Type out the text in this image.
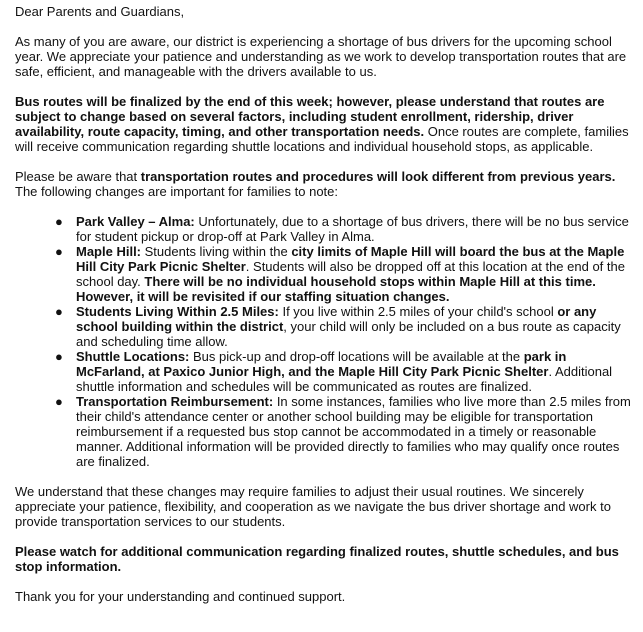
Dear Parents and Guardians,

As many of you are aware, our district is experiencing a shortage of bus drivers for the upcoming school year. We appreciate your patience and understanding as we work to develop transportation routes that are safe, efficient, and manageable with the drivers available to us.

Bus routes will be finalized by the end of this week; however, please understand that routes are subject to change based on several factors, including student enrollment, ridership, driver availability, route capacity, timing, and other transportation needs. Once routes are complete, families will receive communication regarding shuttle locations and individual household stops, as applicable.

Please be aware that transportation routes and procedures will look different from previous years. The following changes are important for families to note:

● Park Valley – Alma: Unfortunately, due to a shortage of bus drivers, there will be no bus service for student pickup or drop-off at Park Valley in Alma.
● Maple Hill: Students living within the city limits of Maple Hill will board the bus at the Maple Hill City Park Picnic Shelter. Students will also be dropped off at this location at the end of the school day. There will be no individual household stops within Maple Hill at this time. However, it will be revisited if our staffing situation changes.
● Students Living Within 2.5 Miles: If you live within 2.5 miles of your child's school or any school building within the district, your child will only be included on a bus route as capacity and scheduling time allow.
● Shuttle Locations: Bus pick-up and drop-off locations will be available at the park in McFarland, at Paxico Junior High, and the Maple Hill City Park Picnic Shelter. Additional shuttle information and schedules will be communicated as routes are finalized.
● Transportation Reimbursement: In some instances, families who live more than 2.5 miles from their child's attendance center or another school building may be eligible for transportation reimbursement if a requested bus stop cannot be accommodated in a timely or reasonable manner. Additional information will be provided directly to families who may qualify once routes are finalized.

We understand that these changes may require families to adjust their usual routines. We sincerely appreciate your patience, flexibility, and cooperation as we navigate the bus driver shortage and work to provide transportation services to our students.

Please watch for additional communication regarding finalized routes, shuttle schedules, and bus stop information.

Thank you for your understanding and continued support.
